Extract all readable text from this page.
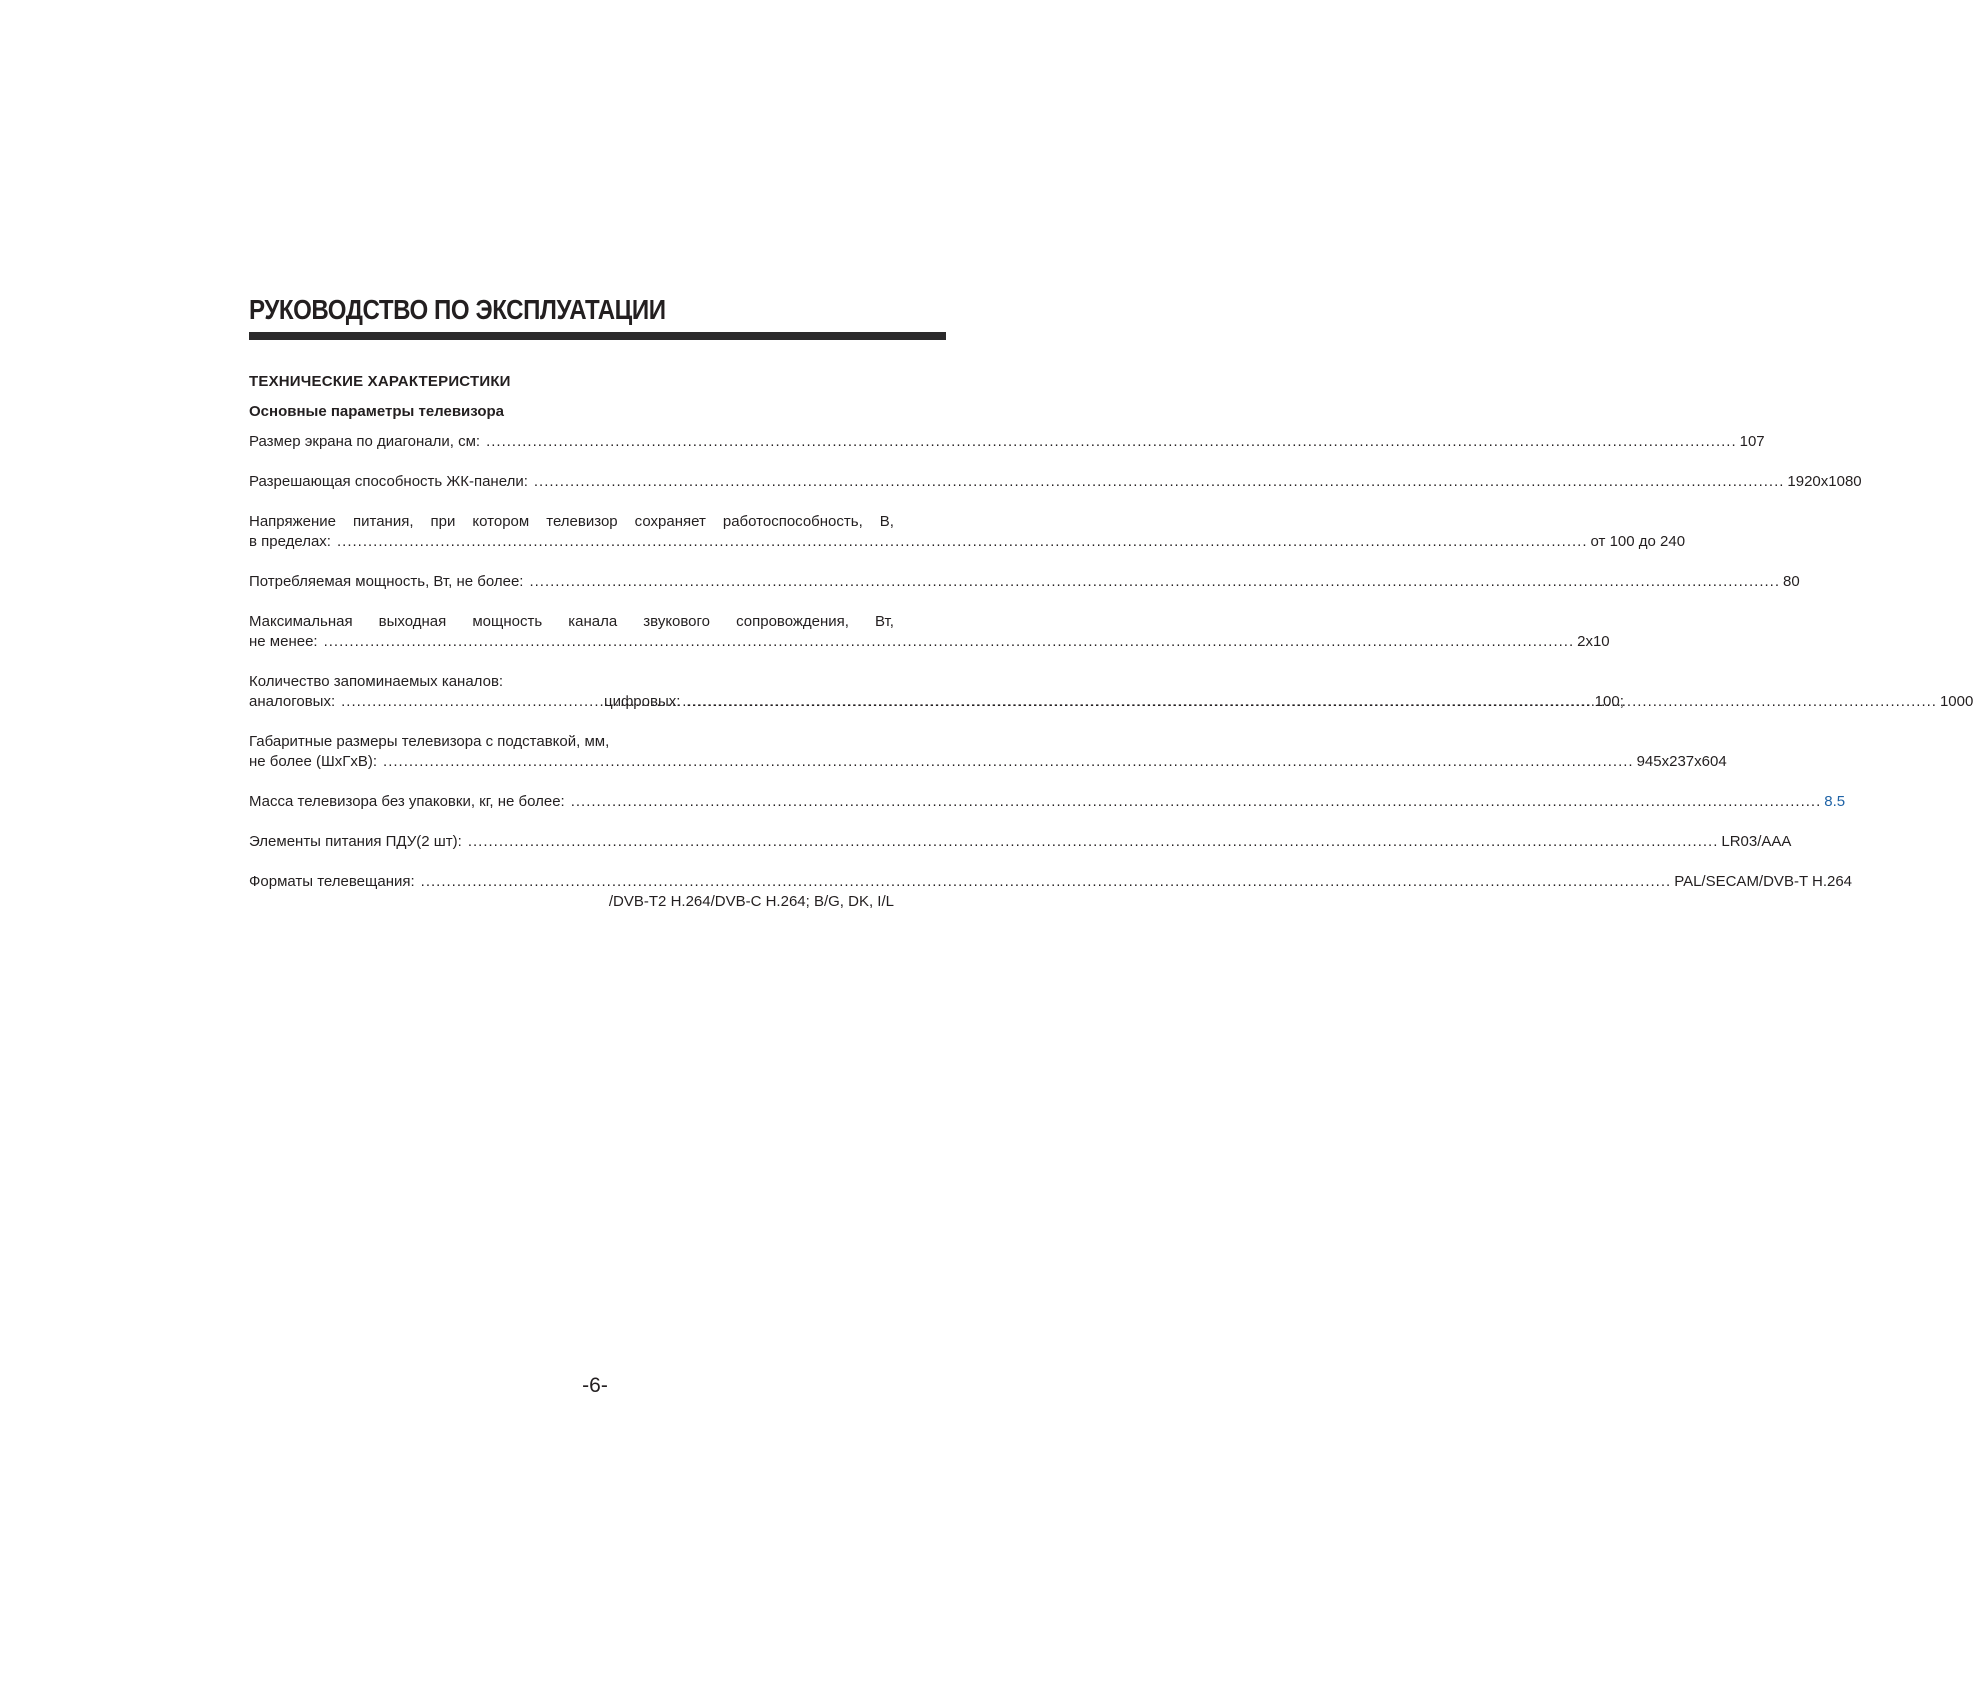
РУКОВОДСТВО ПО ЭКСПЛУАТАЦИИ
ТЕХНИЧЕСКИЕ ХАРАКТЕРИСТИКИ
Основные параметры телевизора
Размер экрана по диагонали, см: .....	107
Разрешающая способность ЖК-панели: .....	1920x1080
Напряжение питания, при котором телевизор сохраняет работоспособность, В,
в пределах: .....	от 100 до 240
Потребляемая мощность, Вт, не более: .....	80
Максимальная выходная мощность канала звукового сопровождения, Вт,
не менее: .....	2x10
Количество запоминаемых каналов:
аналоговых: .....	100;
цифровых: .....	1000
Габаритные размеры телевизора с подставкой, мм,
не более (ШxГxВ): .....	945x237x604
Масса телевизора без упаковки, кг, не более: .....	8.5
Элементы питания ПДУ(2 шт): .....	LR03/AAA
Форматы телевещания: .....	PAL/SECAM/DVB-T H.264
/DVB-T2 H.264/DVB-C H.264; B/G, DK, I/L

-6-
